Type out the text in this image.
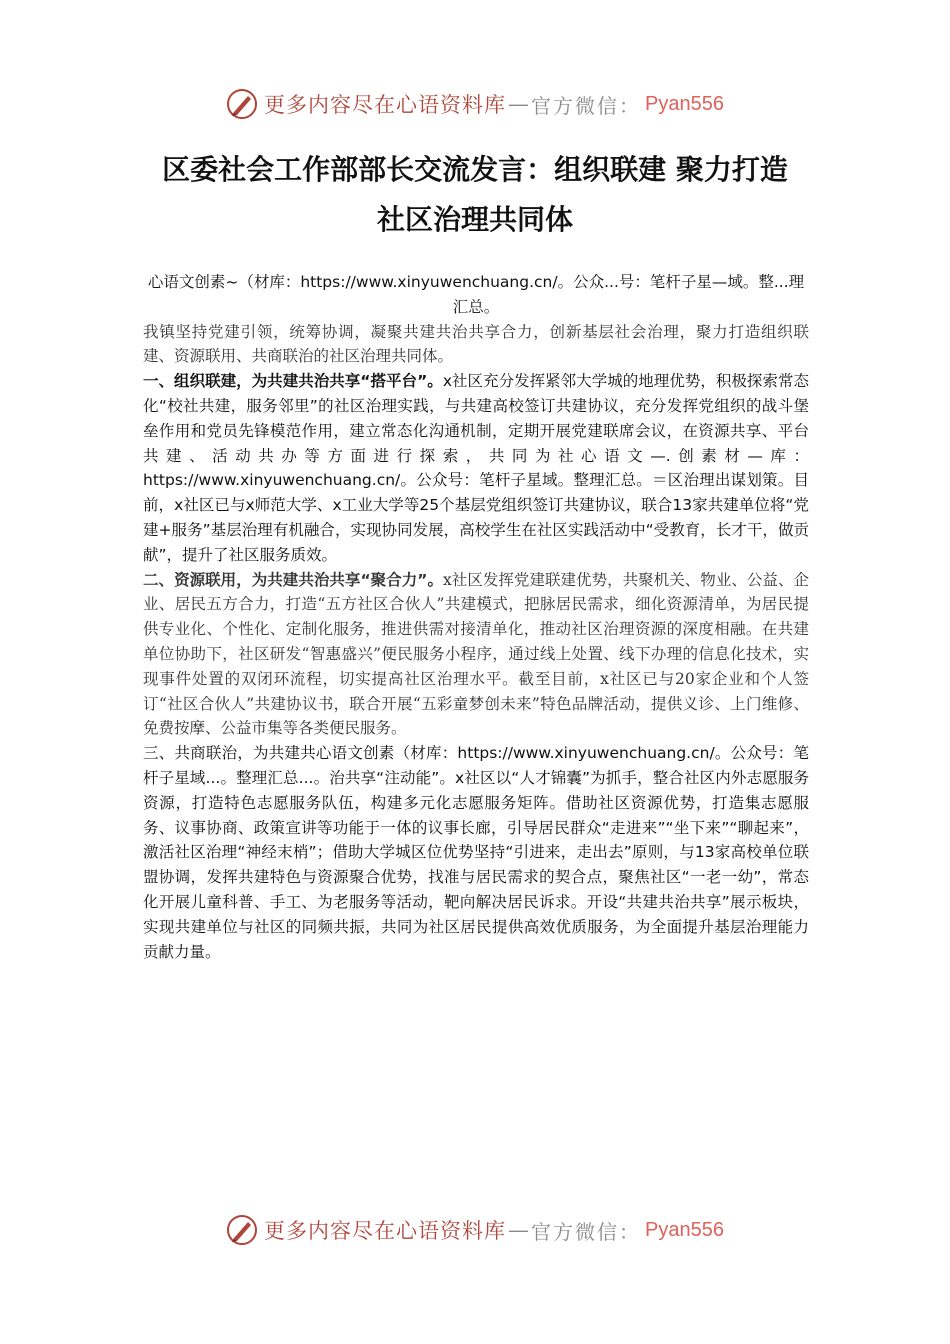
更多内容尽在心语资料库 — 官方微信： Pyan556
区委社会工作部部长交流发言：组织联建 聚力打造
社区治理共同体

心语文创素~（材库：https://www.xinyuwenchuang.cn/。公众...号：笔杆子星—域。整...理汇总。

我镇坚持党建引领，统筹协调，凝聚共建共治共享合力，创新基层社会治理，聚力打造组织联建、资源联用、共商联治的社区治理共同体。

一、组织联建，为共建共治共享“搭平台”。x社区充分发挥紧邻大学城的地理优势，积极探索常态化“校社共建，服务邻里”的社区治理实践，与共建高校签订共建协议，充分发挥党组织的战斗堡垒作用和党员先锋模范作用，建立常态化沟通机制，定期开展党建联席会议，在资源共享、平台共建、活动共办等方面进行探索，共同为社心语文—.创素材—库：https://www.xinyuwenchuang.cn/。公众号：笔杆子星域。整理汇总。＝区治理出谋划策。目前，x社区已与x师范大学、x工业大学等25个基层党组织签订共建协议，联合13家共建单位将“党建+服务”基层治理有机融合，实现协同发展，高校学生在社区实践活动中“受教育，长才干，做贡献”，提升了社区服务质效。

二、资源联用，为共建共治共享“聚合力”。x社区发挥党建联建优势，共聚机关、物业、公益、企业、居民五方合力，打造“五方社区合伙人”共建模式，把脉居民需求，细化资源清单，为居民提供专业化、个性化、定制化服务，推进供需对接清单化，推动社区治理资源的深度相融。在共建单位协助下，社区研发“智惠盛兴”便民服务小程序，通过线上处置、线下办理的信息化技术，实现事件处置的双闭环流程，切实提高社区治理水平。截至目前，x社区已与20家企业和个人签订“社区合伙人”共建协议书，联合开展“五彩童梦创未来”特色品牌活动，提供义诊、上门维修、免费按摩、公益市集等各类便民服务。

三、共商联治，为共建共心语文创素（材库：https://www.xinyuwenchuang.cn/。公众号：笔杆子星域...。整理汇总...。治共享“注动能”。x社区以“人才锦囊”为抓手，整合社区内外志愿服务资源，打造特色志愿服务队伍，构建多元化志愿服务矩阵。借助社区资源优势，打造集志愿服务、议事协商、政策宣讲等功能于一体的议事长廊，引导居民群众“走进来”“坐下来”“聊起来”，激活社区治理“神经末梢”；借助大学城区位优势坚持“引进来，走出去”原则，与13家高校单位联盟协调，发挥共建特色与资源聚合优势，找准与居民需求的契合点，聚焦社区“一老一幼”，常态化开展儿童科普、手工、为老服务等活动，靶向解决居民诉求。开设“共建共治共享”展示板块，实现共建单位与社区的同频共振，共同为社区居民提供高效优质服务，为全面提升基层治理能力贡献力量。

更多内容尽在心语资料库 — 官方微信： Pyan556
